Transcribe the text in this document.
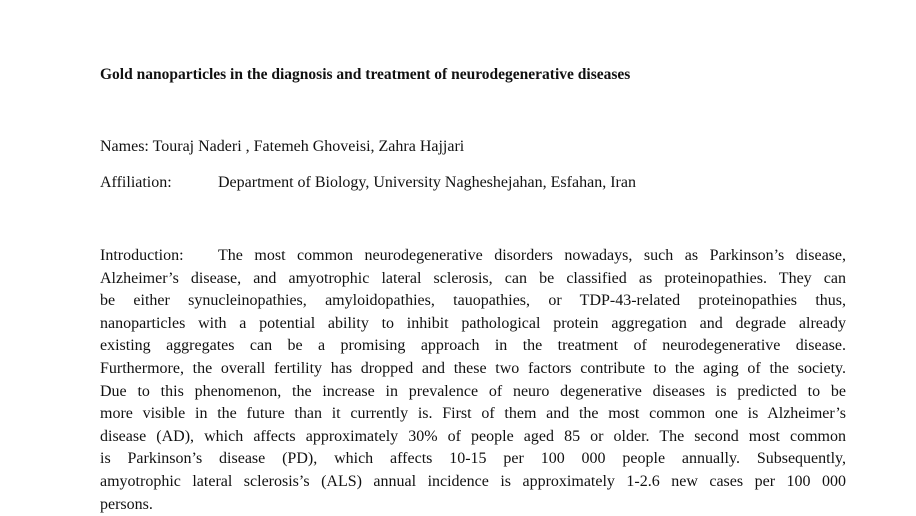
Gold nanoparticles in the diagnosis and treatment of neurodegenerative diseases
Names: Touraj Naderi , Fatemeh Ghoveisi, Zahra Hajjari
Affiliation:	Department of Biology, University Nagheshejahan, Esfahan, Iran
Introduction: The most common neurodegenerative disorders nowadays, such as Parkinson’s disease,
Alzheimer’s disease, and amyotrophic lateral sclerosis, can be classified as proteinopathies. They can
be either synucleinopathies, amyloidopathies, tauopathies, or TDP-43-related proteinopathies thus,
nanoparticles with a potential ability to inhibit pathological protein aggregation and degrade already
existing aggregates can be a promising approach in the treatment of neurodegenerative disease.
Furthermore, the overall fertility has dropped and these two factors contribute to the aging of the society.
Due to this phenomenon, the increase in prevalence of neuro degenerative diseases is predicted to be
more visible in the future than it currently is. First of them and the most common one is Alzheimer’s
disease (AD), which affects approximately 30% of people aged 85 or older. The second most common
is Parkinson’s disease (PD), which affects 10-15 per 100 000 people annually. Subsequently,
amyotrophic lateral sclerosis’s (ALS) annual incidence is approximately 1-2.6 new cases per 100 000
persons.
